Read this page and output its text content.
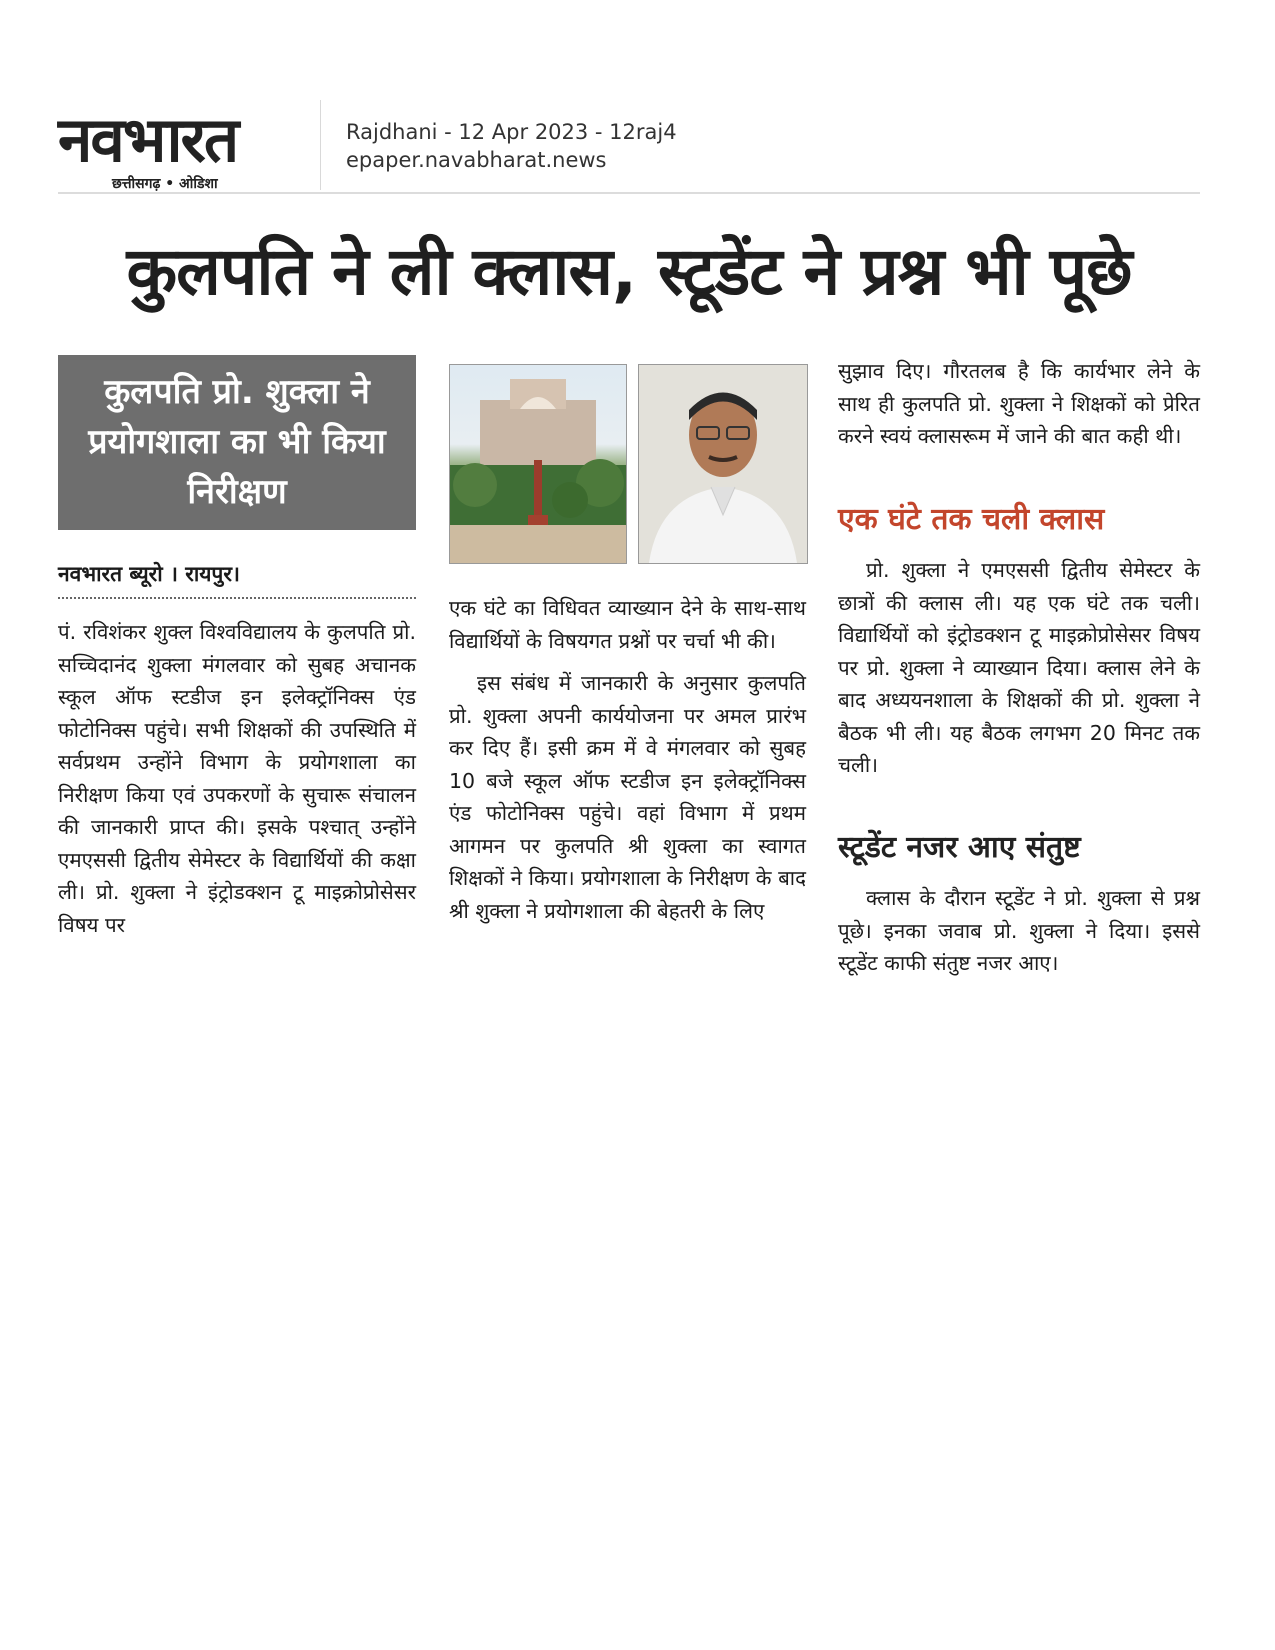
नवभारत
छत्तीसगढ़ • ओडिशा
Rajdhani - 12 Apr 2023 - 12raj4
epaper.navabharat.news
कुलपति ने ली क्लास, स्टूडेंट ने प्रश्न भी पूछे
कुलपति प्रो. शुक्ला ने प्रयोगशाला का भी किया निरीक्षण
नवभारत ब्यूरो । रायपुर।

पं. रविशंकर शुक्ल विश्वविद्यालय के कुलपति प्रो. सच्चिदानंद शुक्ला मंगलवार को सुबह अचानक स्कूल ऑफ स्टडीज इन इलेक्ट्रॉनिक्स एंड फोटोनिक्स पहुंचे। सभी शिक्षकों की उपस्थिति में सर्वप्रथम उन्होंने विभाग के प्रयोगशाला का निरीक्षण किया एवं उपकरणों के सुचारू संचालन की जानकारी प्राप्त की। इसके पश्चात् उन्होंने एमएससी द्वितीय सेमेस्टर के विद्यार्थियों की कक्षा ली। प्रो. शुक्ला ने इंट्रोडक्शन टू माइक्रोप्रोसेसर विषय पर

एक घंटे का विधिवत व्याख्यान देने के साथ-साथ विद्यार्थियों के विषयगत प्रश्नों पर चर्चा भी की।

इस संबंध में जानकारी के अनुसार कुलपति प्रो. शुक्ला अपनी कार्ययोजना पर अमल प्रारंभ कर दिए हैं। इसी क्रम में वे मंगलवार को सुबह 10 बजे स्कूल ऑफ स्टडीज इन इलेक्ट्रॉनिक्स एंड फोटोनिक्स पहुंचे। वहां विभाग में प्रथम आगमन पर कुलपति श्री शुक्ला का स्वागत शिक्षकों ने किया। प्रयोगशाला के निरीक्षण के बाद श्री शुक्ला ने प्रयोगशाला की बेहतरी के लिए

सुझाव दिए। गौरतलब है कि कार्यभार लेने के साथ ही कुलपति प्रो. शुक्ला ने शिक्षकों को प्रेरित करने स्वयं क्लासरूम में जाने की बात कही थी।

एक घंटे तक चली क्लास

प्रो. शुक्ला ने एमएससी द्वितीय सेमेस्टर के छात्रों की क्लास ली। यह एक घंटे तक चली। विद्यार्थियों को इंट्रोडक्शन टू माइक्रोप्रोसेसर विषय पर प्रो. शुक्ला ने व्याख्यान दिया। क्लास लेने के बाद अध्ययनशाला के शिक्षकों की प्रो. शुक्ला ने बैठक भी ली। यह बैठक लगभग 20 मिनट तक चली।

स्टूडेंट नजर आए संतुष्ट

क्लास के दौरान स्टूडेंट ने प्रो. शुक्ला से प्रश्न पूछे। इनका जवाब प्रो. शुक्ला ने दिया। इससे स्टूडेंट काफी संतुष्ट नजर आए।
